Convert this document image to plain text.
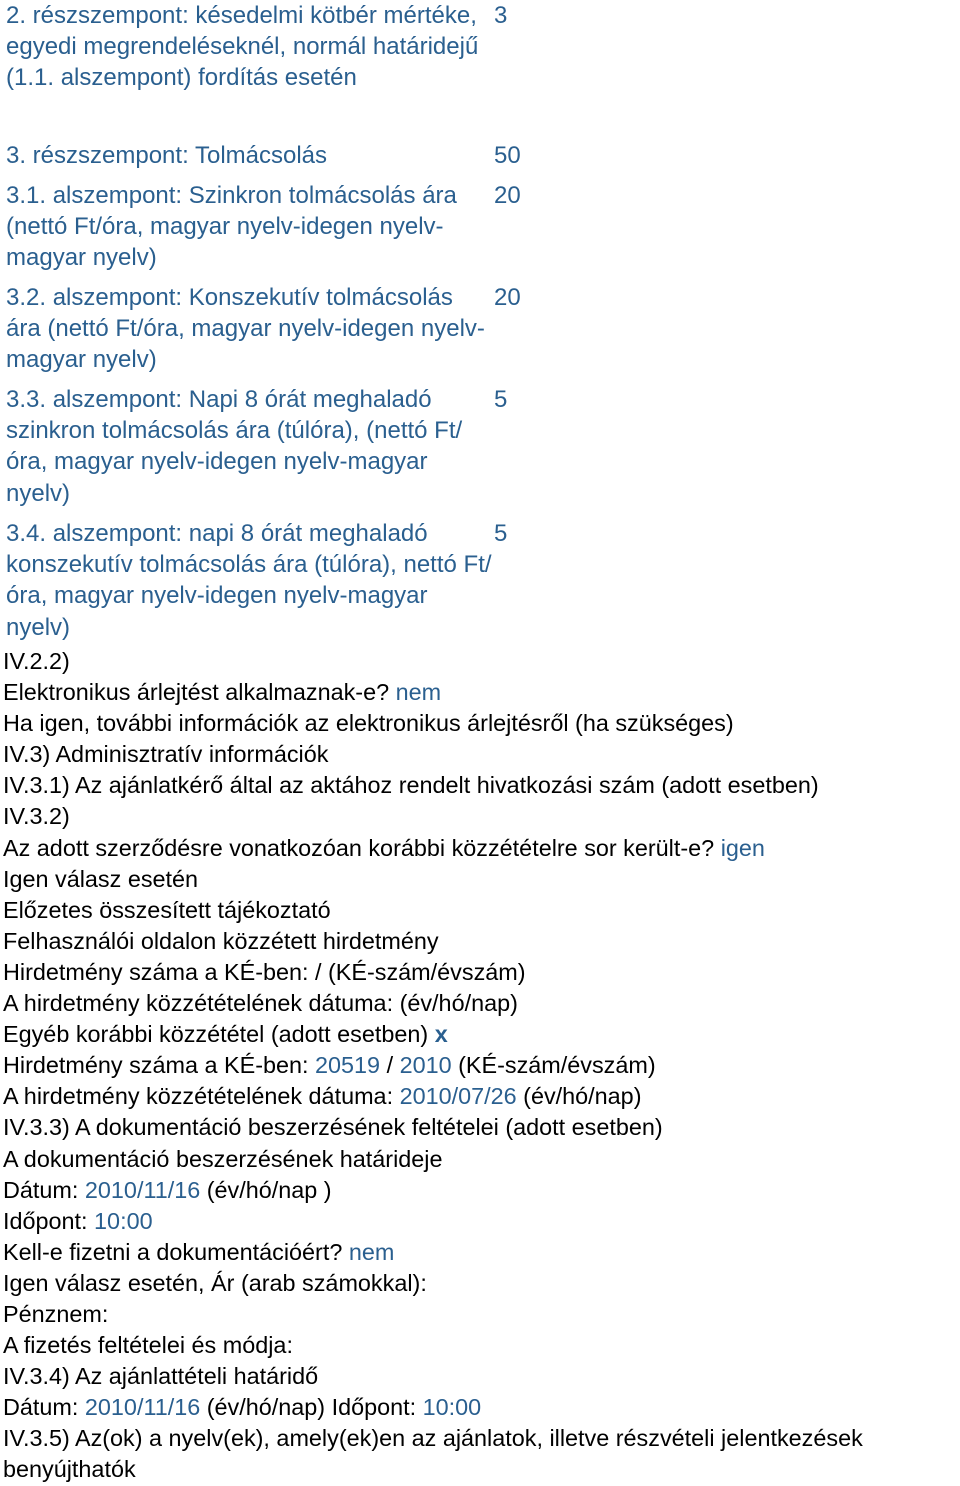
2. részszempont: késedelmi kötbér mértéke, egyedi megrendeléseknél, normál határidejű (1.1. alszempont) fordítás esetén
3
3. részszempont: Tolmácsolás	50
3.1. alszempont: Szinkron tolmácsolás ára (nettó Ft/óra, magyar nyelv-idegen nyelv-magyar nyelv)
20
3.2. alszempont: Konszekutív tolmácsolás ára (nettó Ft/óra, magyar nyelv-idegen nyelv-magyar nyelv)
20
3.3. alszempont: Napi 8 órát meghaladó szinkron tolmácsolás ára (túlóra), (nettó Ft/óra, magyar nyelv-idegen nyelv-magyar nyelv)
5
3.4. alszempont: napi 8 órát meghaladó konszekutív tolmácsolás ára (túlóra), nettó Ft/óra, magyar nyelv-idegen nyelv-magyar nyelv)
5
IV.2.2)
Elektronikus árlejtést alkalmaznak-e? nem
Ha igen, további információk az elektronikus árlejtésről (ha szükséges)
IV.3) Adminisztratív információk
IV.3.1) Az ajánlatkérő által az aktához rendelt hivatkozási szám (adott esetben)
IV.3.2)
Az adott szerződésre vonatkozóan korábbi közzétételre sor került-e? igen
Igen válasz esetén
Előzetes összesített tájékoztató
Felhasználói oldalon közzétett hirdetmény
Hirdetmény száma a KÉ-ben: / (KÉ-szám/évszám)
A hirdetmény közzétételének dátuma: (év/hó/nap)
Egyéb korábbi közzététel (adott esetben) x
Hirdetmény száma a KÉ-ben: 20519 / 2010 (KÉ-szám/évszám)
A hirdetmény közzétételének dátuma: 2010/07/26 (év/hó/nap)
IV.3.3) A dokumentáció beszerzésének feltételei (adott esetben)
A dokumentáció beszerzésének határideje
Dátum: 2010/11/16 (év/hó/nap )
Időpont: 10:00
Kell-e fizetni a dokumentációért? nem
Igen válasz esetén, Ár (arab számokkal):
Pénznem:
A fizetés feltételei és módja:
IV.3.4) Az ajánlattételi határidő
Dátum: 2010/11/16 (év/hó/nap) Időpont: 10:00
IV.3.5) Az(ok) a nyelv(ek), amely(ek)en az ajánlatok, illetve részvételi jelentkezések
benyújthatók
